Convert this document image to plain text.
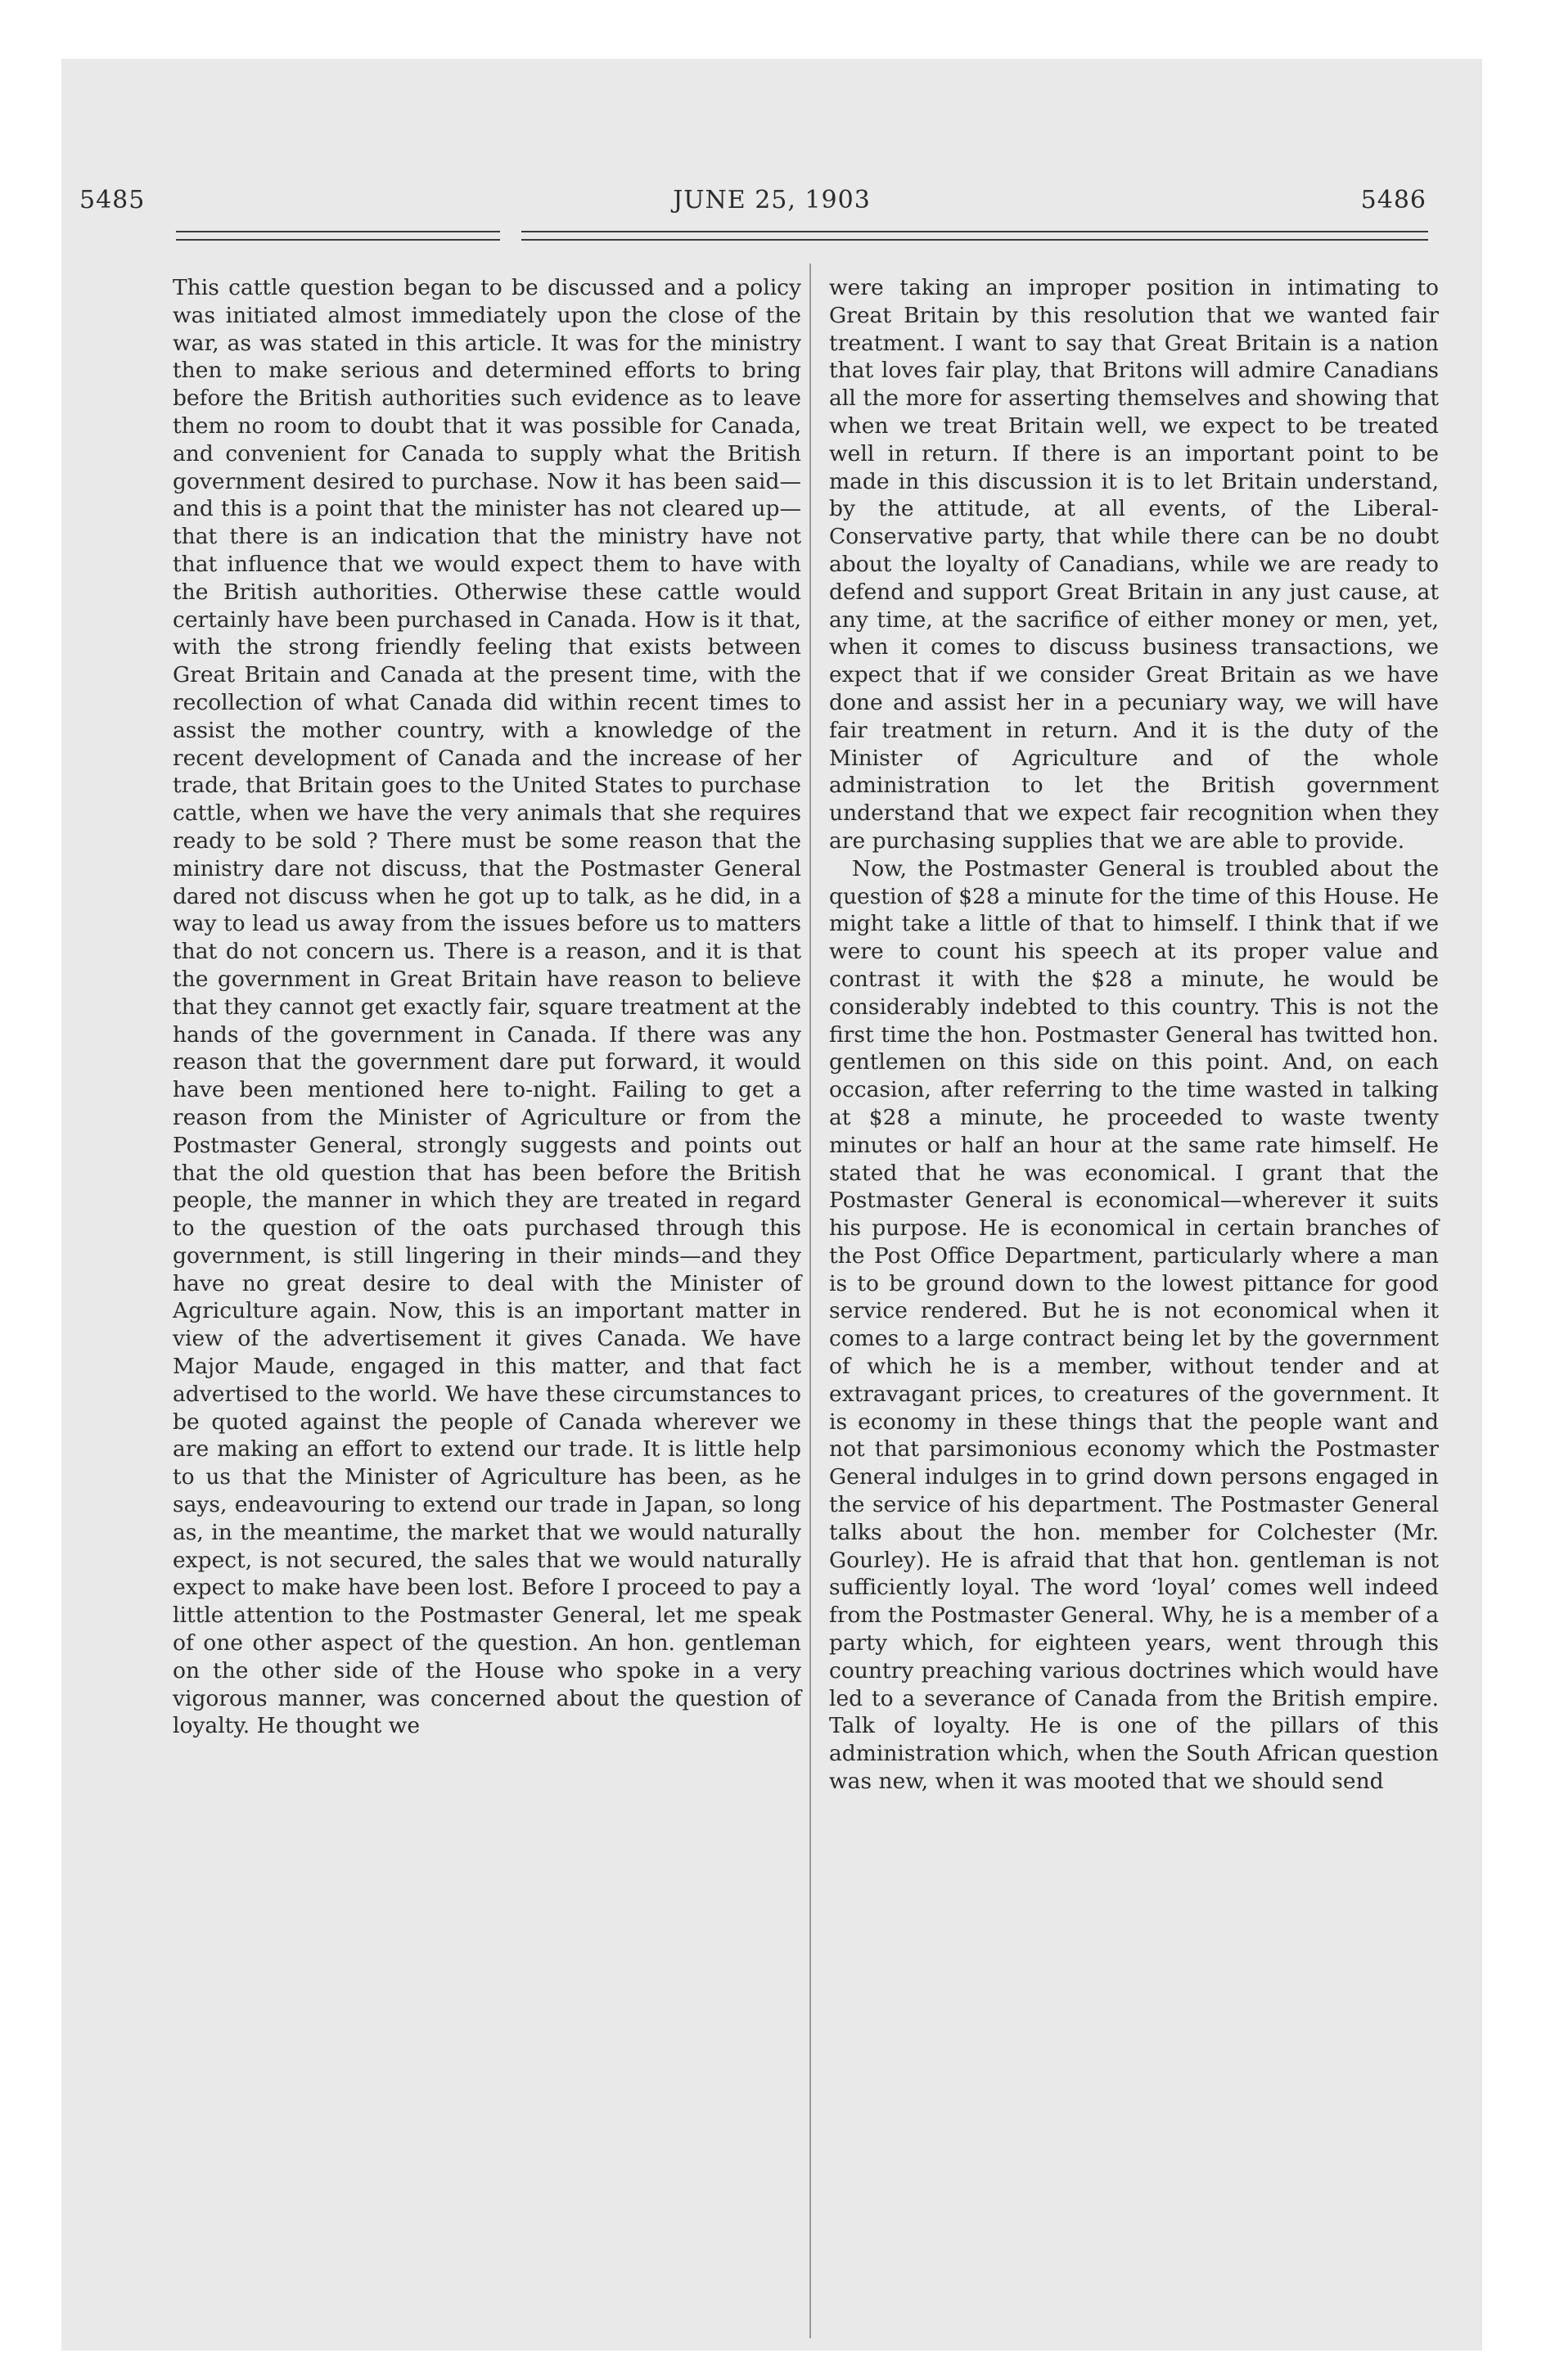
5485	JUNE 25, 1903	5486

This cattle question began to be discussed and a policy was initiated almost immediately upon the close of the war, as was stated in this article. It was for the ministry then to make serious and determined efforts to bring before the British authorities such evidence as to leave them no room to doubt that it was possible for Canada, and convenient for Canada to supply what the British government desired to purchase. Now it has been said—and this is a point that the minister has not cleared up—that there is an indication that the ministry have not that influence that we would expect them to have with the British authorities. Otherwise these cattle would certainly have been purchased in Canada. How is it that, with the strong friendly feeling that exists between Great Britain and Canada at the present time, with the recollection of what Canada did within recent times to assist the mother country, with a knowledge of the recent development of Canada and the increase of her trade, that Britain goes to the United States to purchase cattle, when we have the very animals that she requires ready to be sold ? There must be some reason that the ministry dare not discuss, that the Postmaster General dared not discuss when he got up to talk, as he did, in a way to lead us away from the issues before us to matters that do not concern us. There is a reason, and it is that the government in Great Britain have reason to believe that they cannot get exactly fair, square treatment at the hands of the government in Canada. If there was any reason that the government dare put forward, it would have been mentioned here to-night. Failing to get a reason from the Minister of Agriculture or from the Postmaster General, strongly suggests and points out that the old question that has been before the British people, the manner in which they are treated in regard to the question of the oats purchased through this government, is still lingering in their minds—and they have no great desire to deal with the Minister of Agriculture again. Now, this is an important matter in view of the advertisement it gives Canada. We have Major Maude, engaged in this matter, and that fact advertised to the world. We have these circumstances to be quoted against the people of Canada wherever we are making an effort to extend our trade. It is little help to us that the Minister of Agriculture has been, as he says, endeavouring to extend our trade in Japan, so long as, in the meantime, the market that we would naturally expect, is not secured, the sales that we would naturally expect to make have been lost. Before I proceed to pay a little attention to the Postmaster General, let me speak of one other aspect of the question. An hon. gentleman on the other side of the House who spoke in a very vigorous manner, was concerned about the question of loyalty. He thought we

were taking an improper position in intimating to Great Britain by this resolution that we wanted fair treatment. I want to say that Great Britain is a nation that loves fair play, that Britons will admire Canadians all the more for asserting themselves and showing that when we treat Britain well, we expect to be treated well in return. If there is an important point to be made in this discussion it is to let Britain understand, by the attitude, at all events, of the Liberal-Conservative party, that while there can be no doubt about the loyalty of Canadians, while we are ready to defend and support Great Britain in any just cause, at any time, at the sacrifice of either money or men, yet, when it comes to discuss business transactions, we expect that if we consider Great Britain as we have done and assist her in a pecuniary way, we will have fair treatment in return. And it is the duty of the Minister of Agriculture and of the whole administration to let the British government understand that we expect fair recognition when they are purchasing supplies that we are able to provide.

Now, the Postmaster General is troubled about the question of $28 a minute for the time of this House. He might take a little of that to himself. I think that if we were to count his speech at its proper value and contrast it with the $28 a minute, he would be considerably indebted to this country. This is not the first time the hon. Postmaster General has twitted hon. gentlemen on this side on this point. And, on each occasion, after referring to the time wasted in talking at $28 a minute, he proceeded to waste twenty minutes or half an hour at the same rate himself. He stated that he was economical. I grant that the Postmaster General is economical—wherever it suits his purpose. He is economical in certain branches of the Post Office Department, particularly where a man is to be ground down to the lowest pittance for good service rendered. But he is not economical when it comes to a large contract being let by the government of which he is a member, without tender and at extravagant prices, to creatures of the government. It is economy in these things that the people want and not that parsimonious economy which the Postmaster General indulges in to grind down persons engaged in the service of his department. The Postmaster General talks about the hon. member for Colchester (Mr. Gourley). He is afraid that that hon. gentleman is not sufficiently loyal. The word ‘loyal’ comes well indeed from the Postmaster General. Why, he is a member of a party which, for eighteen years, went through this country preaching various doctrines which would have led to a severance of Canada from the British empire. Talk of loyalty. He is one of the pillars of this administration which, when the South African question was new, when it was mooted that we should send
